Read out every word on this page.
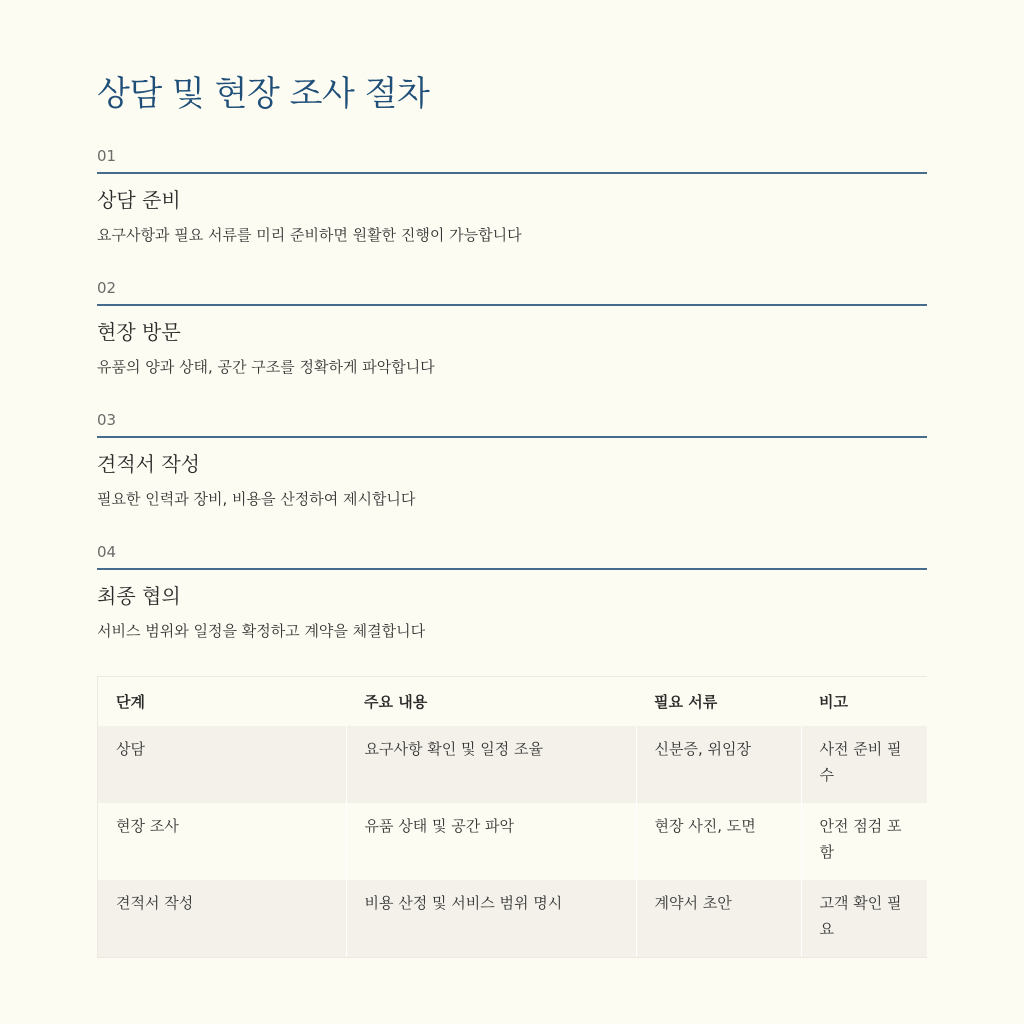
상담 및 현장 조사 절차
01
상담 준비
요구사항과 필요 서류를 미리 준비하면 원활한 진행이 가능합니다
02
현장 방문
유품의 양과 상태, 공간 구조를 정확하게 파악합니다
03
견적서 작성
필요한 인력과 장비, 비용을 산정하여 제시합니다
04
최종 협의
서비스 범위와 일정을 확정하고 계약을 체결합니다
단계	주요 내용	필요 서류	비고
상담	요구사항 확인 및 일정 조율	신분증, 위임장	사전 준비 필수
현장 조사	유품 상태 및 공간 파악	현장 사진, 도면	안전 점검 포함
견적서 작성	비용 산정 및 서비스 범위 명시	계약서 초안	고객 확인 필요
